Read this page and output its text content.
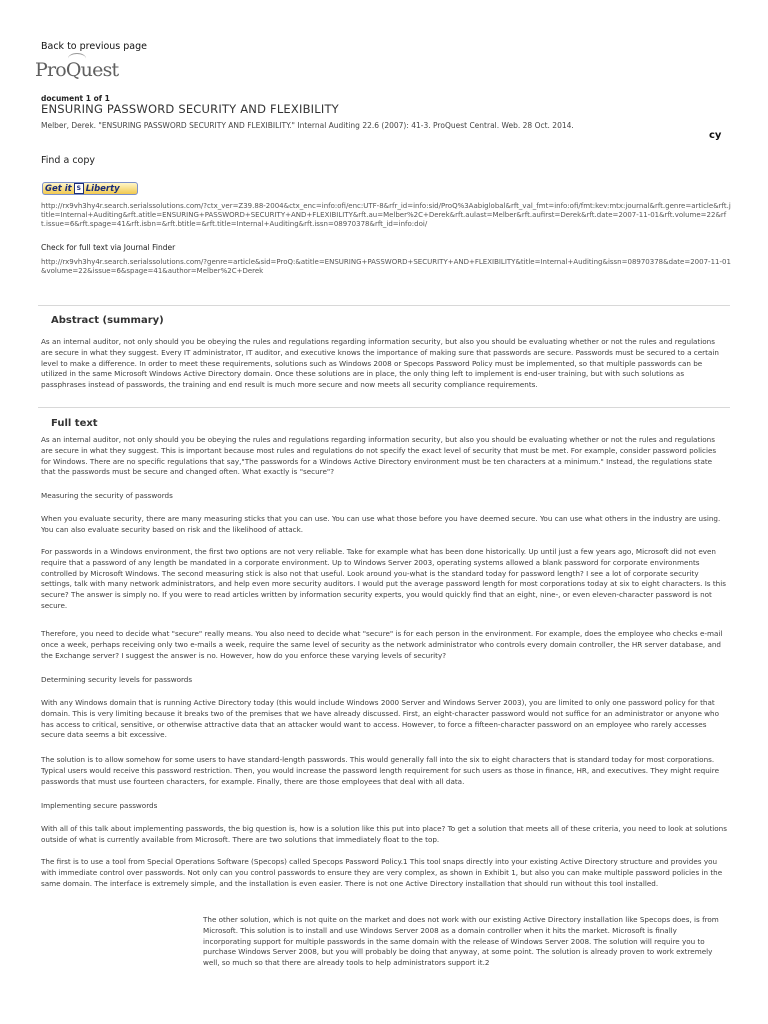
Back to previous page
ProQuest
document 1 of 1
ENSURING PASSWORD SECURITY AND FLEXIBILITY
Melber, Derek. "ENSURING PASSWORD SECURITY AND FLEXIBILITY." Internal Auditing 22.6 (2007): 41-3. ProQuest Central. Web. 28 Oct. 2014.
cy
Find a copy
Get it S Liberty
http://rx9vh3hy4r.search.serialssolutions.com/?ctx_ver=Z39.88-2004&ctx_enc=info:ofi/enc:UTF-8&rfr_id=info:sid/ProQ%3Aabiglobal&rft_val_fmt=info:ofi/fmt:kev:mtx:journal&rft.genre=article&rft.jtitle=Internal+Auditing&rft.atitle=ENSURING+PASSWORD+SECURITY+AND+FLEXIBILITY&rft.au=Melber%2C+Derek&rft.aulast=Melber&rft.aufirst=Derek&rft.date=2007-11-01&rft.volume=22&rft.issue=6&rft.spage=41&rft.isbn=&rft.btitle=&rft.title=Internal+Auditing&rft.issn=08970378&rft_id=info:doi/
Check for full text via Journal Finder
http://rx9vh3hy4r.search.serialssolutions.com/?genre=article&sid=ProQ:&atitle=ENSURING+PASSWORD+SECURITY+AND+FLEXIBILITY&title=Internal+Auditing&issn=08970378&date=2007-11-01&volume=22&issue=6&spage=41&author=Melber%2C+Derek
Abstract (summary)
As an internal auditor, not only should you be obeying the rules and regulations regarding information security, but also you should be evaluating whether or not the rules and regulations are secure in what they suggest. Every IT administrator, IT auditor, and executive knows the importance of making sure that passwords are secure. Passwords must be secured to a certain level to make a difference. In order to meet these requirements, solutions such as Windows 2008 or Specops Password Policy must be implemented, so that multiple passwords can be utilized in the same Microsoft Windows Active Directory domain. Once these solutions are in place, the only thing left to implement is end-user training, but with such solutions as passphrases instead of passwords, the training and end result is much more secure and now meets all security compliance requirements.
Full text
As an internal auditor, not only should you be obeying the rules and regulations regarding information security, but also you should be evaluating whether or not the rules and regulations are secure in what they suggest. This is important because most rules and regulations do not specify the exact level of security that must be met. For example, consider password policies for Windows. There are no specific regulations that say,"The passwords for a Windows Active Directory environment must be ten characters at a minimum." Instead, the regulations state that the passwords must be secure and changed often. What exactly is "secure"?
Measuring the security of passwords
When you evaluate security, there are many measuring sticks that you can use. You can use what those before you have deemed secure. You can use what others in the industry are using. You can also evaluate security based on risk and the likelihood of attack.
For passwords in a Windows environment, the first two options are not very reliable. Take for example what has been done historically. Up until just a few years ago, Microsoft did not even require that a password of any length be mandated in a corporate environment. Up to Windows Server 2003, operating systems allowed a blank password for corporate environments controlled by Microsoft Windows. The second measuring stick is also not that useful. Look around you-what is the standard today for password length? I see a lot of corporate security settings, talk with many network administrators, and help even more security auditors. I would put the average password length for most corporations today at six to eight characters. Is this secure? The answer is simply no. If you were to read articles written by information security experts, you would quickly find that an eight, nine-, or even eleven-character password is not secure.
Therefore, you need to decide what "secure" really means. You also need to decide what "secure" is for each person in the environment. For example, does the employee who checks e-mail once a week, perhaps receiving only two e-mails a week, require the same level of security as the network administrator who controls every domain controller, the HR server database, and the Exchange server? I suggest the answer is no. However, how do you enforce these varying levels of security?
Determining security levels for passwords
With any Windows domain that is running Active Directory today (this would include Windows 2000 Server and Windows Server 2003), you are limited to only one password policy for that domain. This is very limiting because it breaks two of the premises that we have already discussed. First, an eight-character password would not suffice for an administrator or anyone who has access to critical, sensitive, or otherwise attractive data that an attacker would want to access. However, to force a fifteen-character password on an employee who rarely accesses secure data seems a bit excessive.
The solution is to allow somehow for some users to have standard-length passwords. This would generally fall into the six to eight characters that is standard today for most corporations. Typical users would receive this password restriction. Then, you would increase the password length requirement for such users as those in finance, HR, and executives. They might require passwords that must use fourteen characters, for example. Finally, there are those employees that deal with all data.
Implementing secure passwords
With all of this talk about implementing passwords, the big question is, how is a solution like this put into place? To get a solution that meets all of these criteria, you need to look at solutions outside of what is currently available from Microsoft. There are two solutions that immediately float to the top.
The first is to use a tool from Special Operations Software (Specops) called Specops Password Policy.1 This tool snaps directly into your existing Active Directory structure and provides you with immediate control over passwords. Not only can you control passwords to ensure they are very complex, as shown in Exhibit 1, but also you can make multiple password policies in the same domain. The interface is extremely simple, and the installation is even easier. There is not one Active Directory installation that should run without this tool installed.
The other solution, which is not quite on the market and does not work with our existing Active Directory installation like Specops does, is from Microsoft. This solution is to install and use Windows Server 2008 as a domain controller when it hits the market. Microsoft is finally incorporating support for multiple passwords in the same domain with the release of Windows Server 2008. The solution will require you to purchase Windows Server 2008, but you will probably be doing that anyway, at some point. The solution is already proven to work extremely well, so much so that there are already tools to help administrators support it.2
